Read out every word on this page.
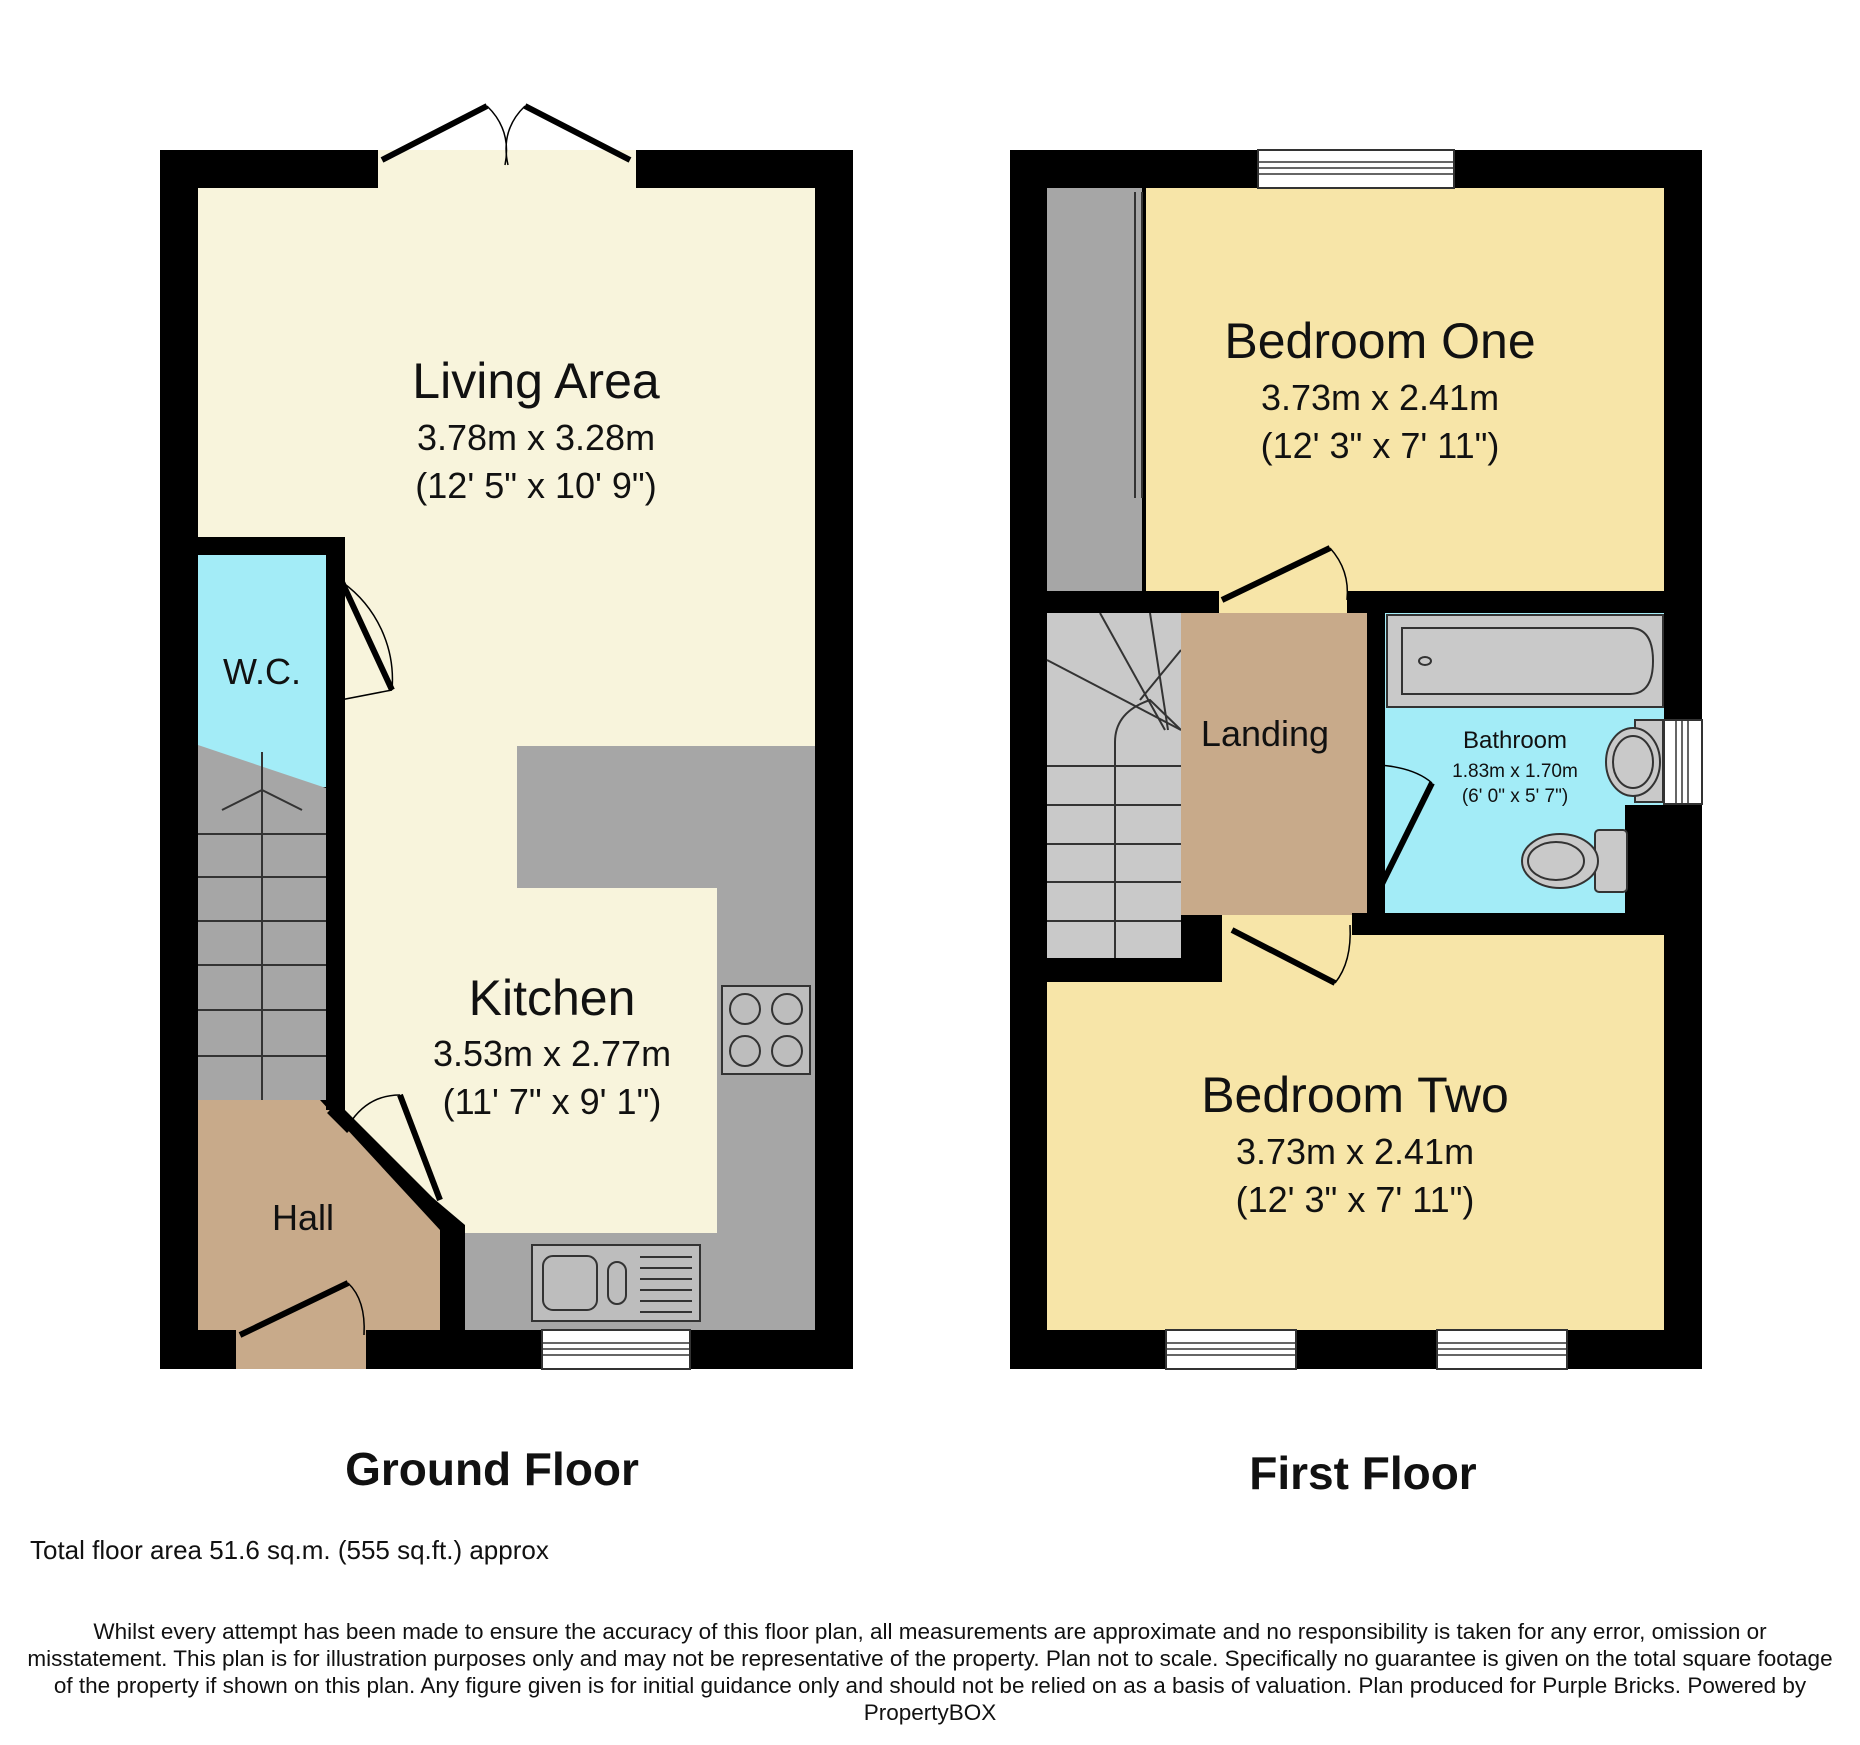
Living Area
3.78m x 3.28m
(12' 5" x 10' 9")
Kitchen
3.53m x 2.77m
(11' 7" x 9' 1")
W.C.
Hall
Bedroom One
3.73m x 2.41m
(12' 3" x 7' 11")
Landing	Bathroom
1.83m x 1.70m
(6' 0" x 5' 7")
Bedroom Two
3.73m x 2.41m
(12' 3" x 7' 11")
Ground Floor	First Floor
Total floor area 51.6 sq.m. (555 sq.ft.) approx
Whilst every attempt has been made to ensure the accuracy of this floor plan, all measurements are approximate and no responsibility is taken for any error, omission or misstatement. This plan is for illustration purposes only and may not be representative of the property. Plan not to scale. Specifically no guarantee is given on the total square footage of the property if shown on this plan. Any figure given is for initial guidance only and should not be relied on as a basis of valuation. Plan produced for Purple Bricks. Powered by PropertyBOX
